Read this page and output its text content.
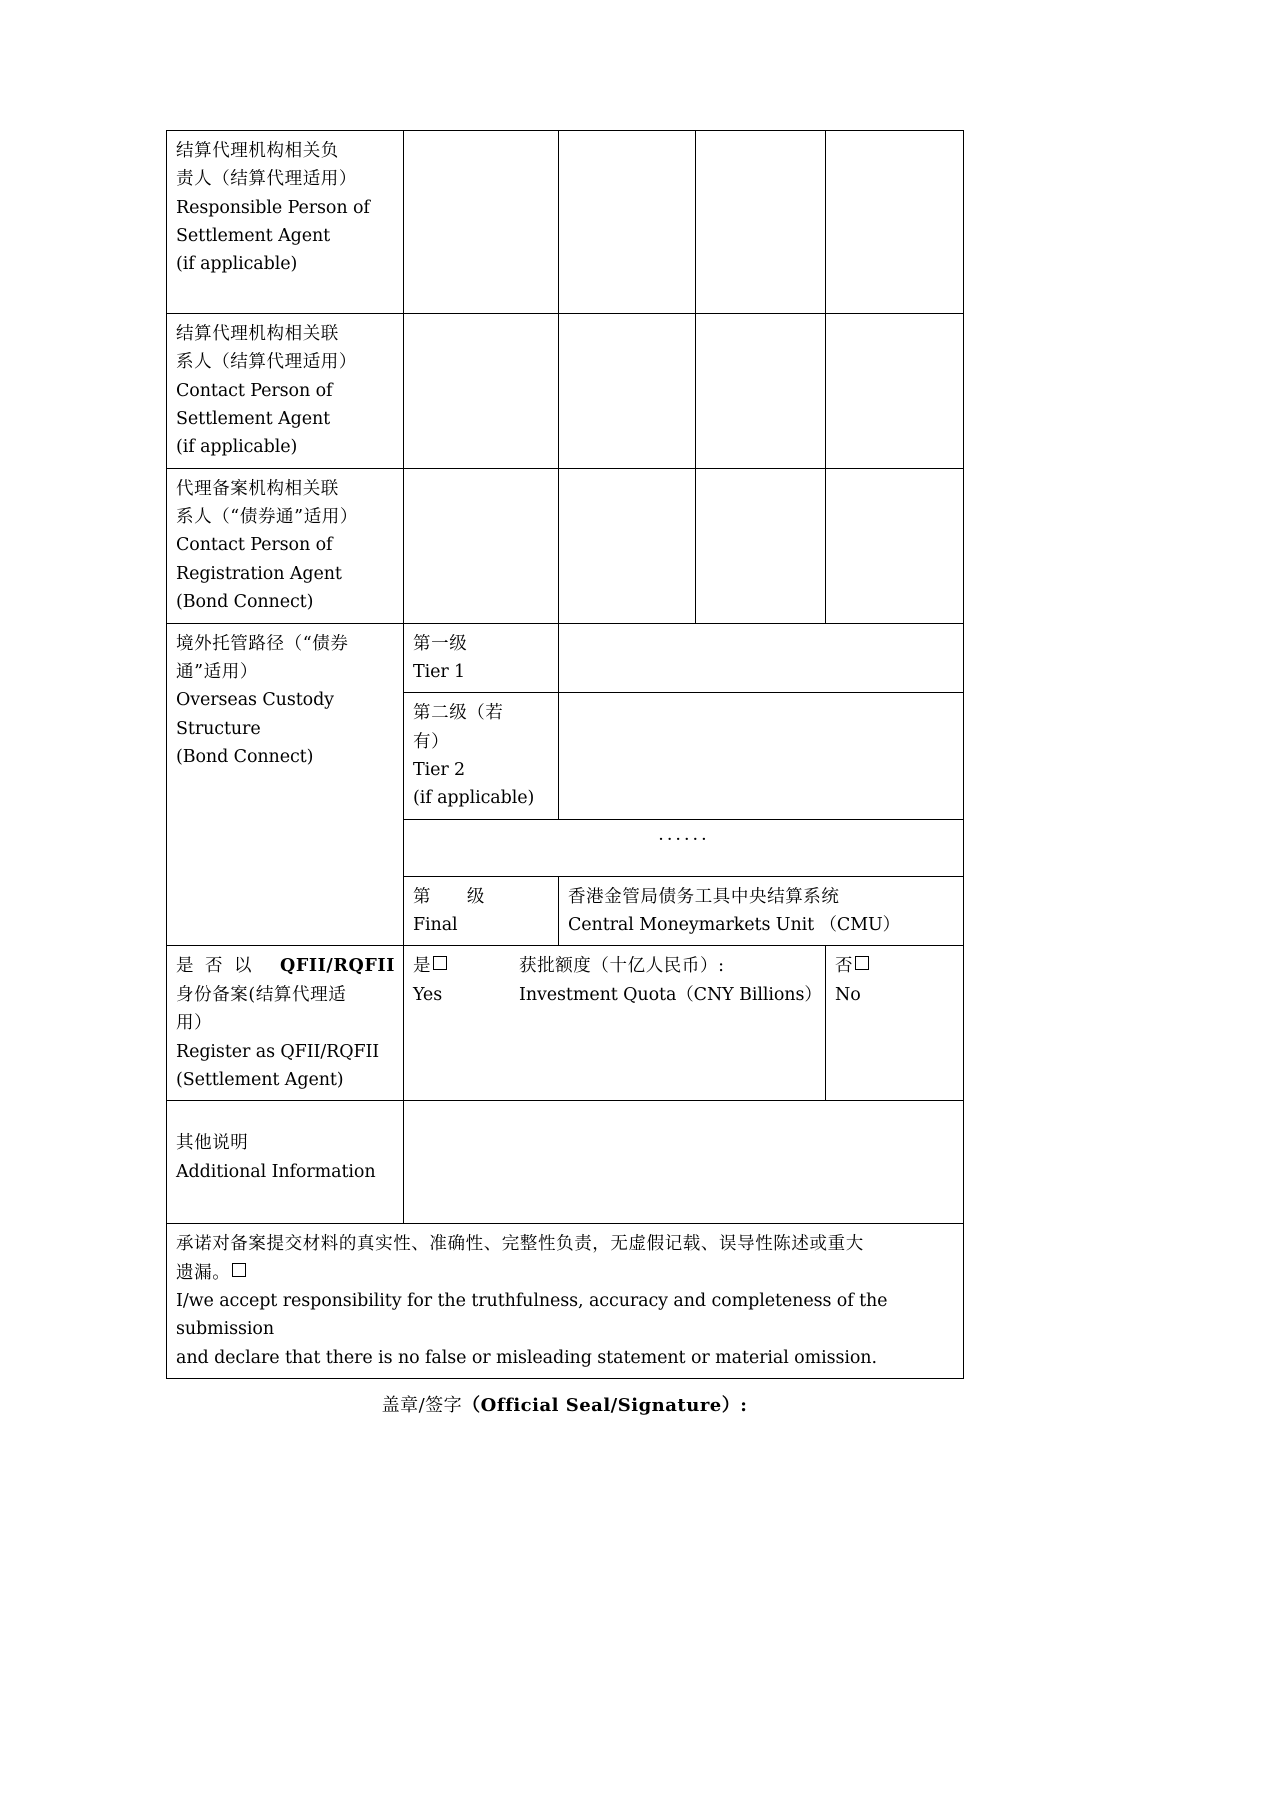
结算代理机构相关负
责人（结算代理适用）
Responsible Person of
Settlement Agent
(if applicable)				

结算代理机构相关联
系人（结算代理适用）
Contact Person of
Settlement Agent
(if applicable)				

代理备案机构相关联
系人（“债券通”适用）
Contact Person of
Registration Agent
(Bond Connect)				

境外托管路径（“债券
通”适用）
Overseas Custody
Structure
(Bond Connect)	第一级
Tier 1			

	第二级（若
有）
Tier 2
(if applicable)			

	······			

	第级
Final	香港金管局债务工具中央结算系统
Central Moneymarkets Unit （CMU）		

是否以 QFII/RQFII
身份备案(结算代理适
用）
Register as QFII/RQFII
(Settlement Agent)

是	获批额度（十亿人民币）:
Yes	Investment Quota（CNY Billions）

否
No

其他说明
Additional Information				

承诺对备案提交材料的真实性、准确性、完整性负责，无虚假记载、误导性陈述或重大
遗漏。
I/we accept responsibility for the truthfulness, accuracy and completeness of the submission
and declare that there is no false or misleading statement or material omission.				
盖章/签字（Official Seal/Signature）:
